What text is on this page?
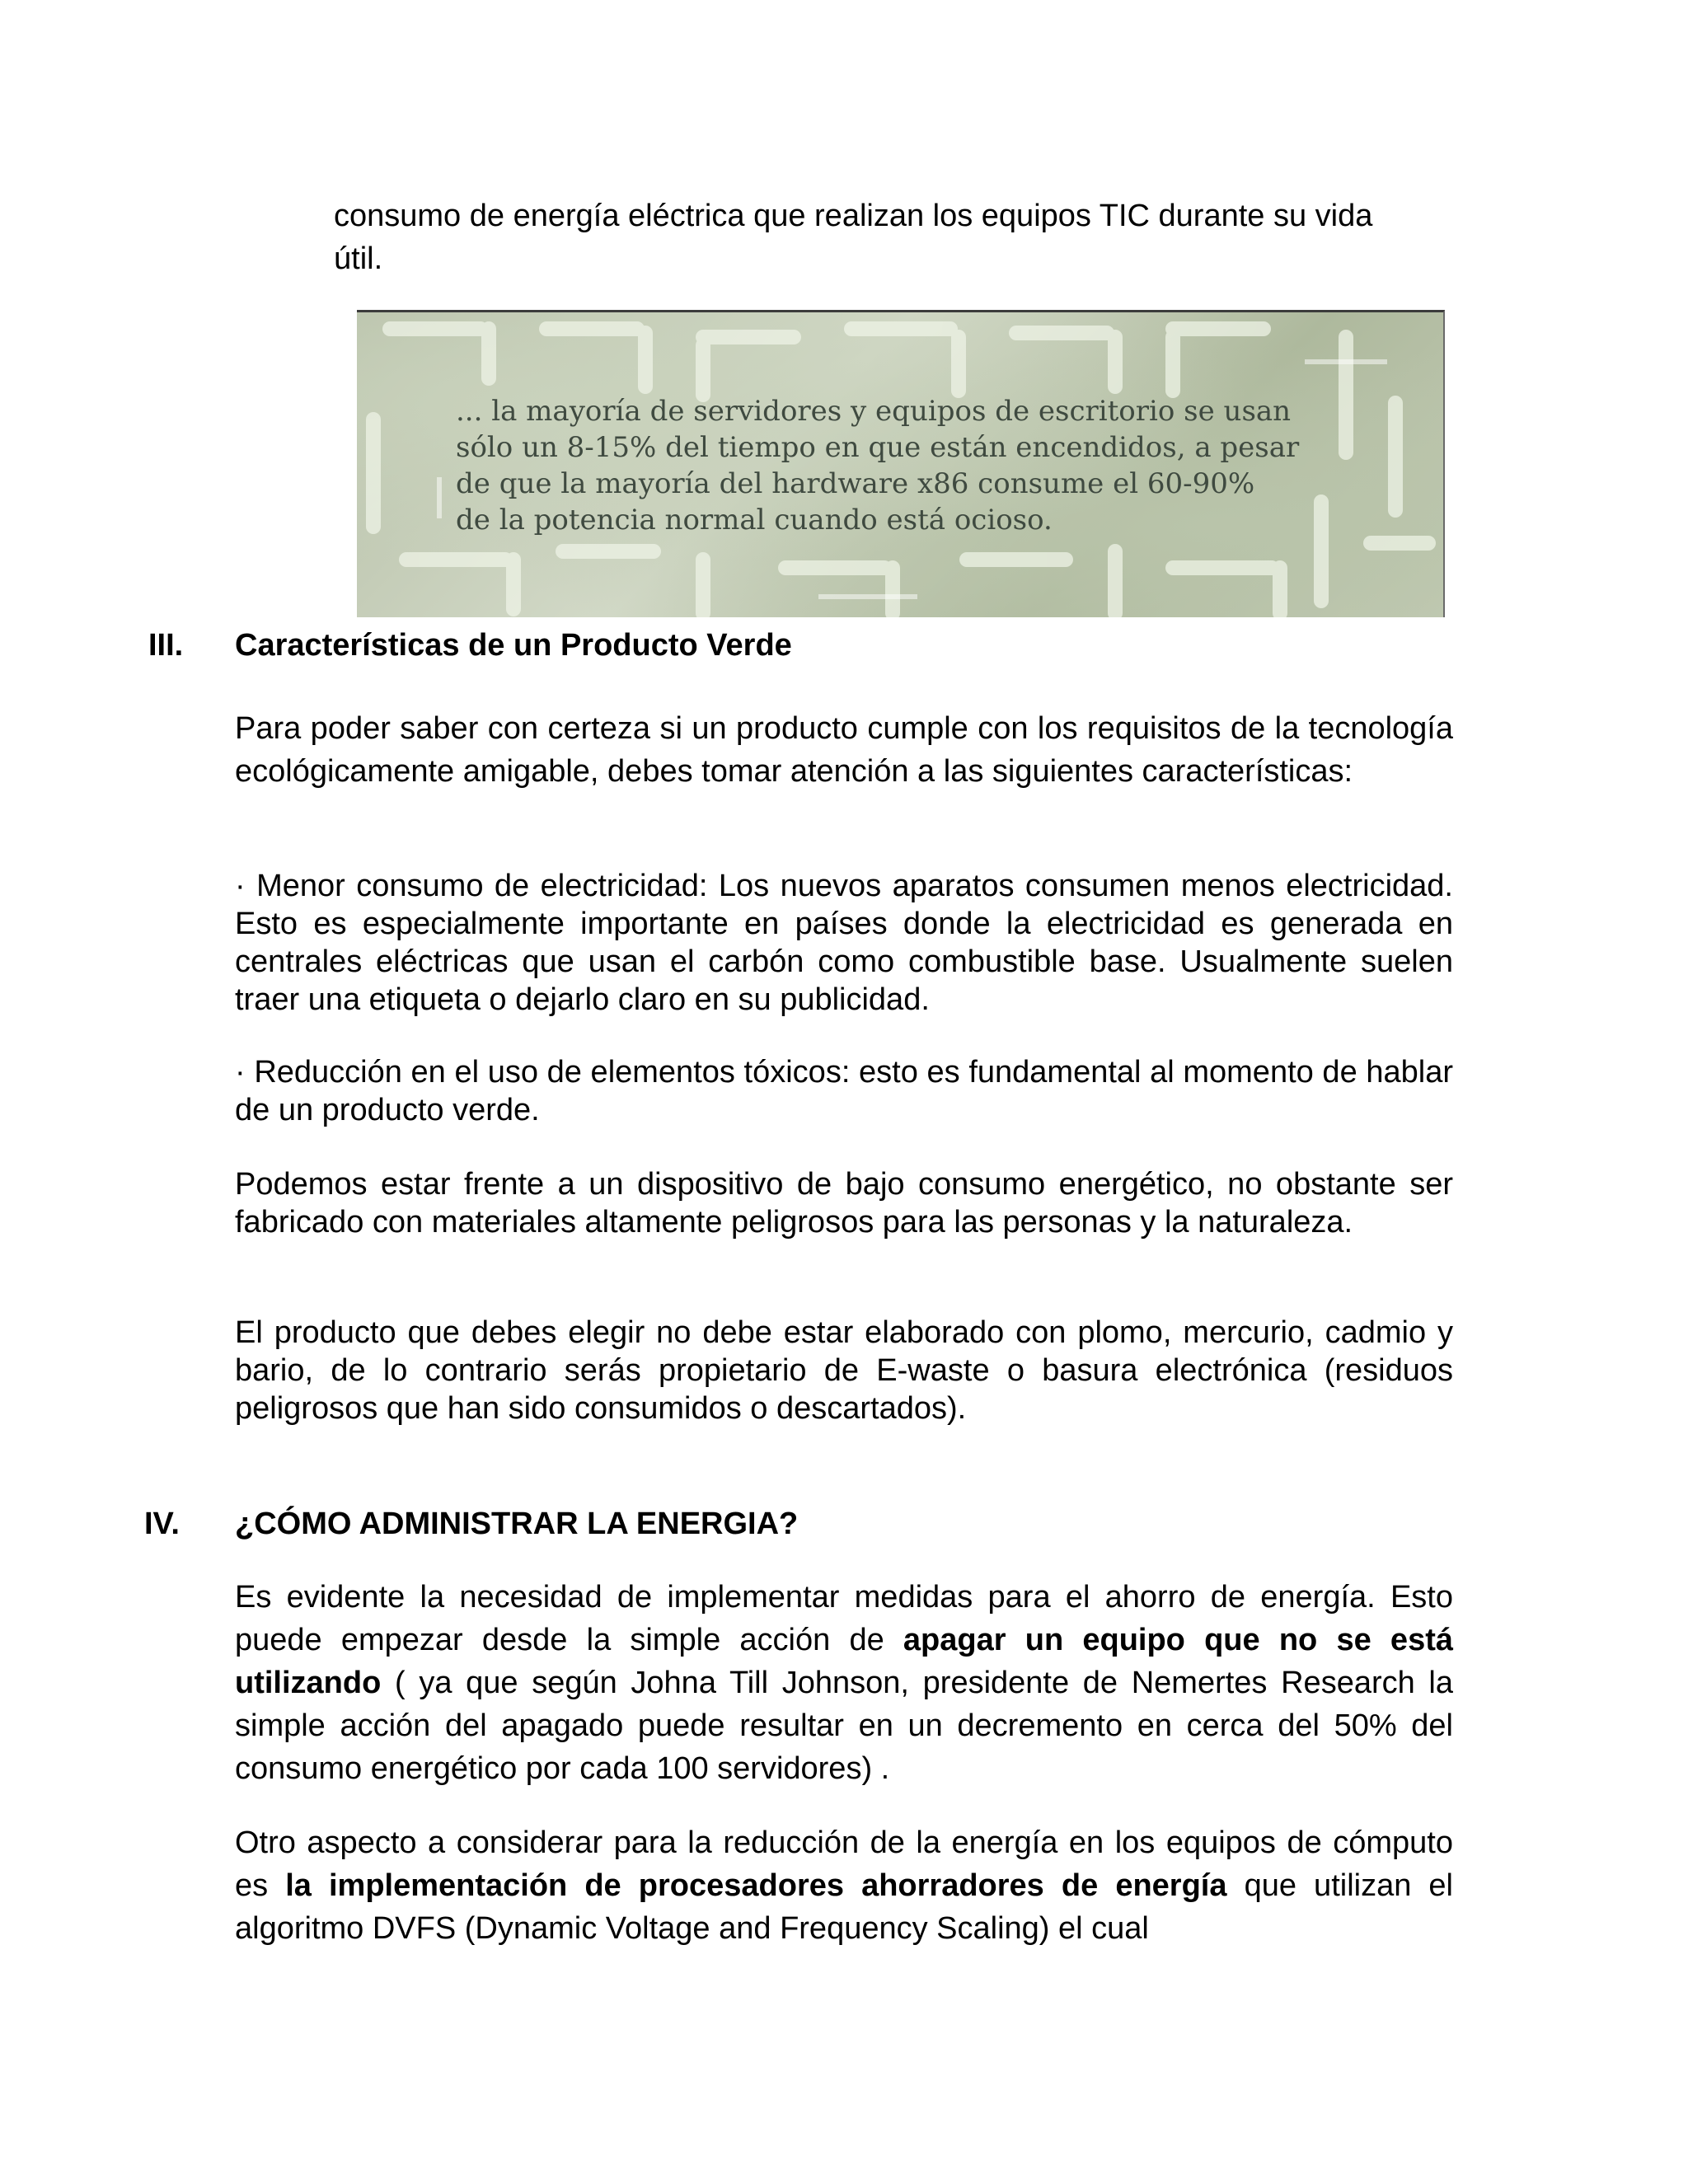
consumo de energía eléctrica que realizan los equipos TIC durante su vida

útil.

... la mayoría de servidores y equipos de escritorio se usan
sólo un 8-15% del tiempo en que están encendidos, a pesar
de que la mayoría del hardware x86 consume el 60-90%
de la potencia normal cuando está ocioso.

III. Características de un Producto Verde

Para poder saber con certeza si un producto cumple con los requisitos de la tecnología ecológicamente amigable, debes tomar atención a las siguientes características:

· Menor consumo de electricidad: Los nuevos aparatos consumen menos electricidad. Esto es especialmente importante en países donde la electricidad es generada en centrales eléctricas que usan el carbón como combustible base. Usualmente suelen traer una etiqueta o dejarlo claro en su publicidad.

· Reducción en el uso de elementos tóxicos: esto es fundamental al momento de hablar de un producto verde.

Podemos estar frente a un dispositivo de bajo consumo energético, no obstante ser fabricado con materiales altamente peligrosos para las personas y la naturaleza.

El producto que debes elegir no debe estar elaborado con plomo, mercurio, cadmio y bario, de lo contrario serás propietario de E-waste o basura electrónica (residuos peligrosos que han sido consumidos o descartados).

IV. ¿CÓMO ADMINISTRAR LA ENERGIA?

Es evidente la necesidad de implementar medidas para el ahorro de energía. Esto puede empezar desde la simple acción de apagar un equipo que no se está utilizando ( ya que según Johna Till Johnson, presidente de Nemertes Research la simple acción del apagado puede resultar en un decremento en cerca del 50% del consumo energético por cada 100 servidores) .

Otro aspecto a considerar para la reducción de la energía en los equipos de cómputo es la implementación de procesadores ahorradores de energía que utilizan el algoritmo DVFS (Dynamic Voltage and Frequency Scaling) el cual
